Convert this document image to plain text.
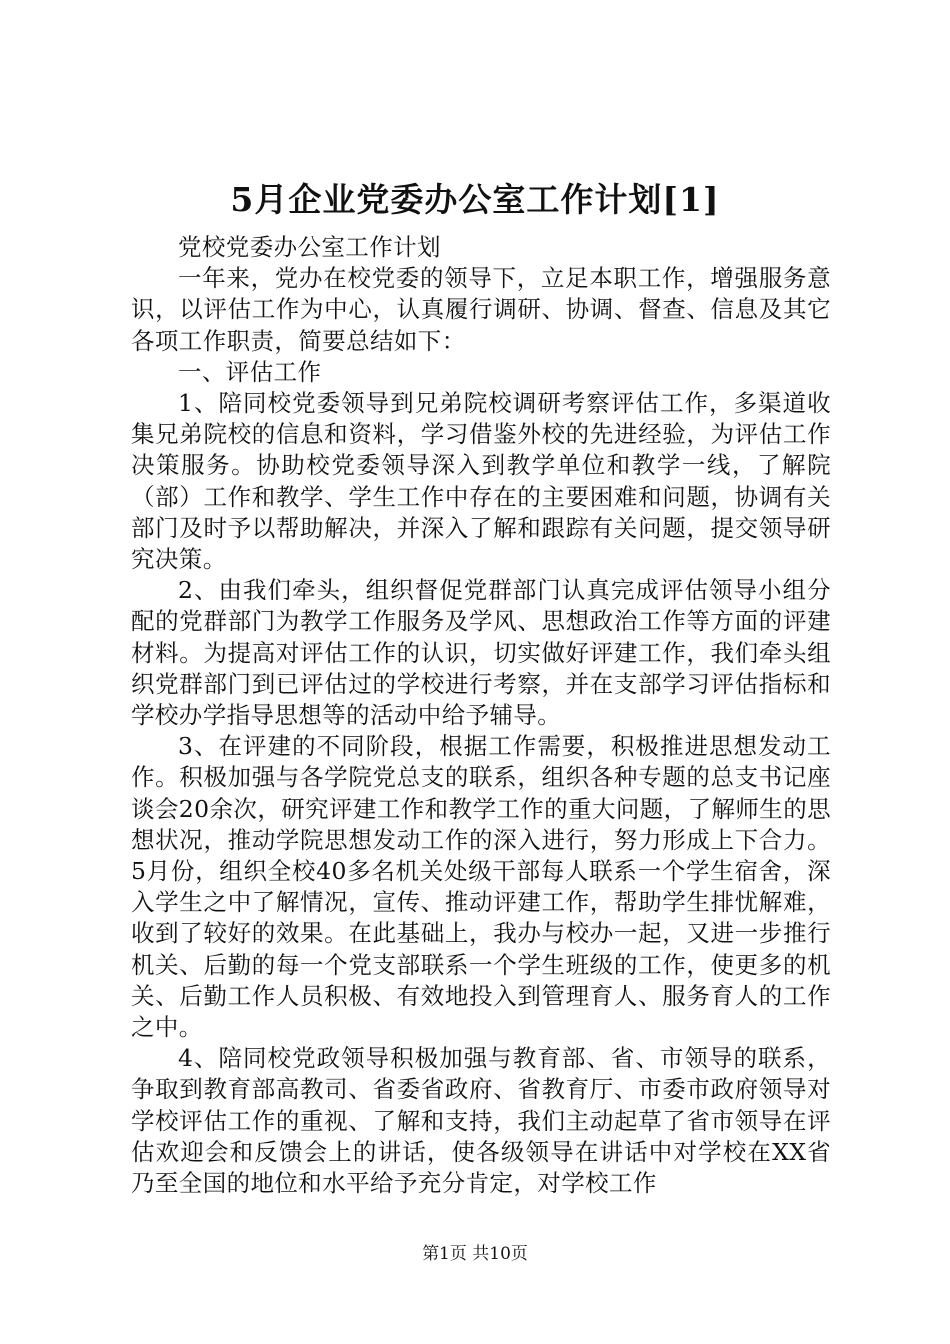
5月企业党委办公室工作计划[1]

党校党委办公室工作计划

一年来，党办在校党委的领导下，立足本职工作，增强服务意识，以评估工作为中心，认真履行调研、协调、督查、信息及其它各项工作职责，简要总结如下：

一、评估工作

1、陪同校党委领导到兄弟院校调研考察评估工作，多渠道收集兄弟院校的信息和资料，学习借鉴外校的先进经验，为评估工作决策服务。协助校党委领导深入到教学单位和教学一线，了解院（部）工作和教学、学生工作中存在的主要困难和问题，协调有关部门及时予以帮助解决，并深入了解和跟踪有关问题，提交领导研究决策。

2、由我们牵头，组织督促党群部门认真完成评估领导小组分配的党群部门为教学工作服务及学风、思想政治工作等方面的评建材料。为提高对评估工作的认识，切实做好评建工作，我们牵头组织党群部门到已评估过的学校进行考察，并在支部学习评估指标和学校办学指导思想等的活动中给予辅导。

3、在评建的不同阶段，根据工作需要，积极推进思想发动工作。积极加强与各学院党总支的联系，组织各种专题的总支书记座谈会20余次，研究评建工作和教学工作的重大问题，了解师生的思想状况，推动学院思想发动工作的深入进行，努力形成上下合力。5月份，组织全校40多名机关处级干部每人联系一个学生宿舍，深入学生之中了解情况，宣传、推动评建工作，帮助学生排忧解难，收到了较好的效果。在此基础上，我办与校办一起，又进一步推行机关、后勤的每一个党支部联系一个学生班级的工作，使更多的机关、后勤工作人员积极、有效地投入到管理育人、服务育人的工作之中。

4、陪同校党政领导积极加强与教育部、省、市领导的联系，争取到教育部高教司、省委省政府、省教育厅、市委市政府领导对学校评估工作的重视、了解和支持，我们主动起草了省市领导在评估欢迎会和反馈会上的讲话，使各级领导在讲话中对学校在XX省乃至全国的地位和水平给予充分肯定，对学校工作

第1页 共10页
